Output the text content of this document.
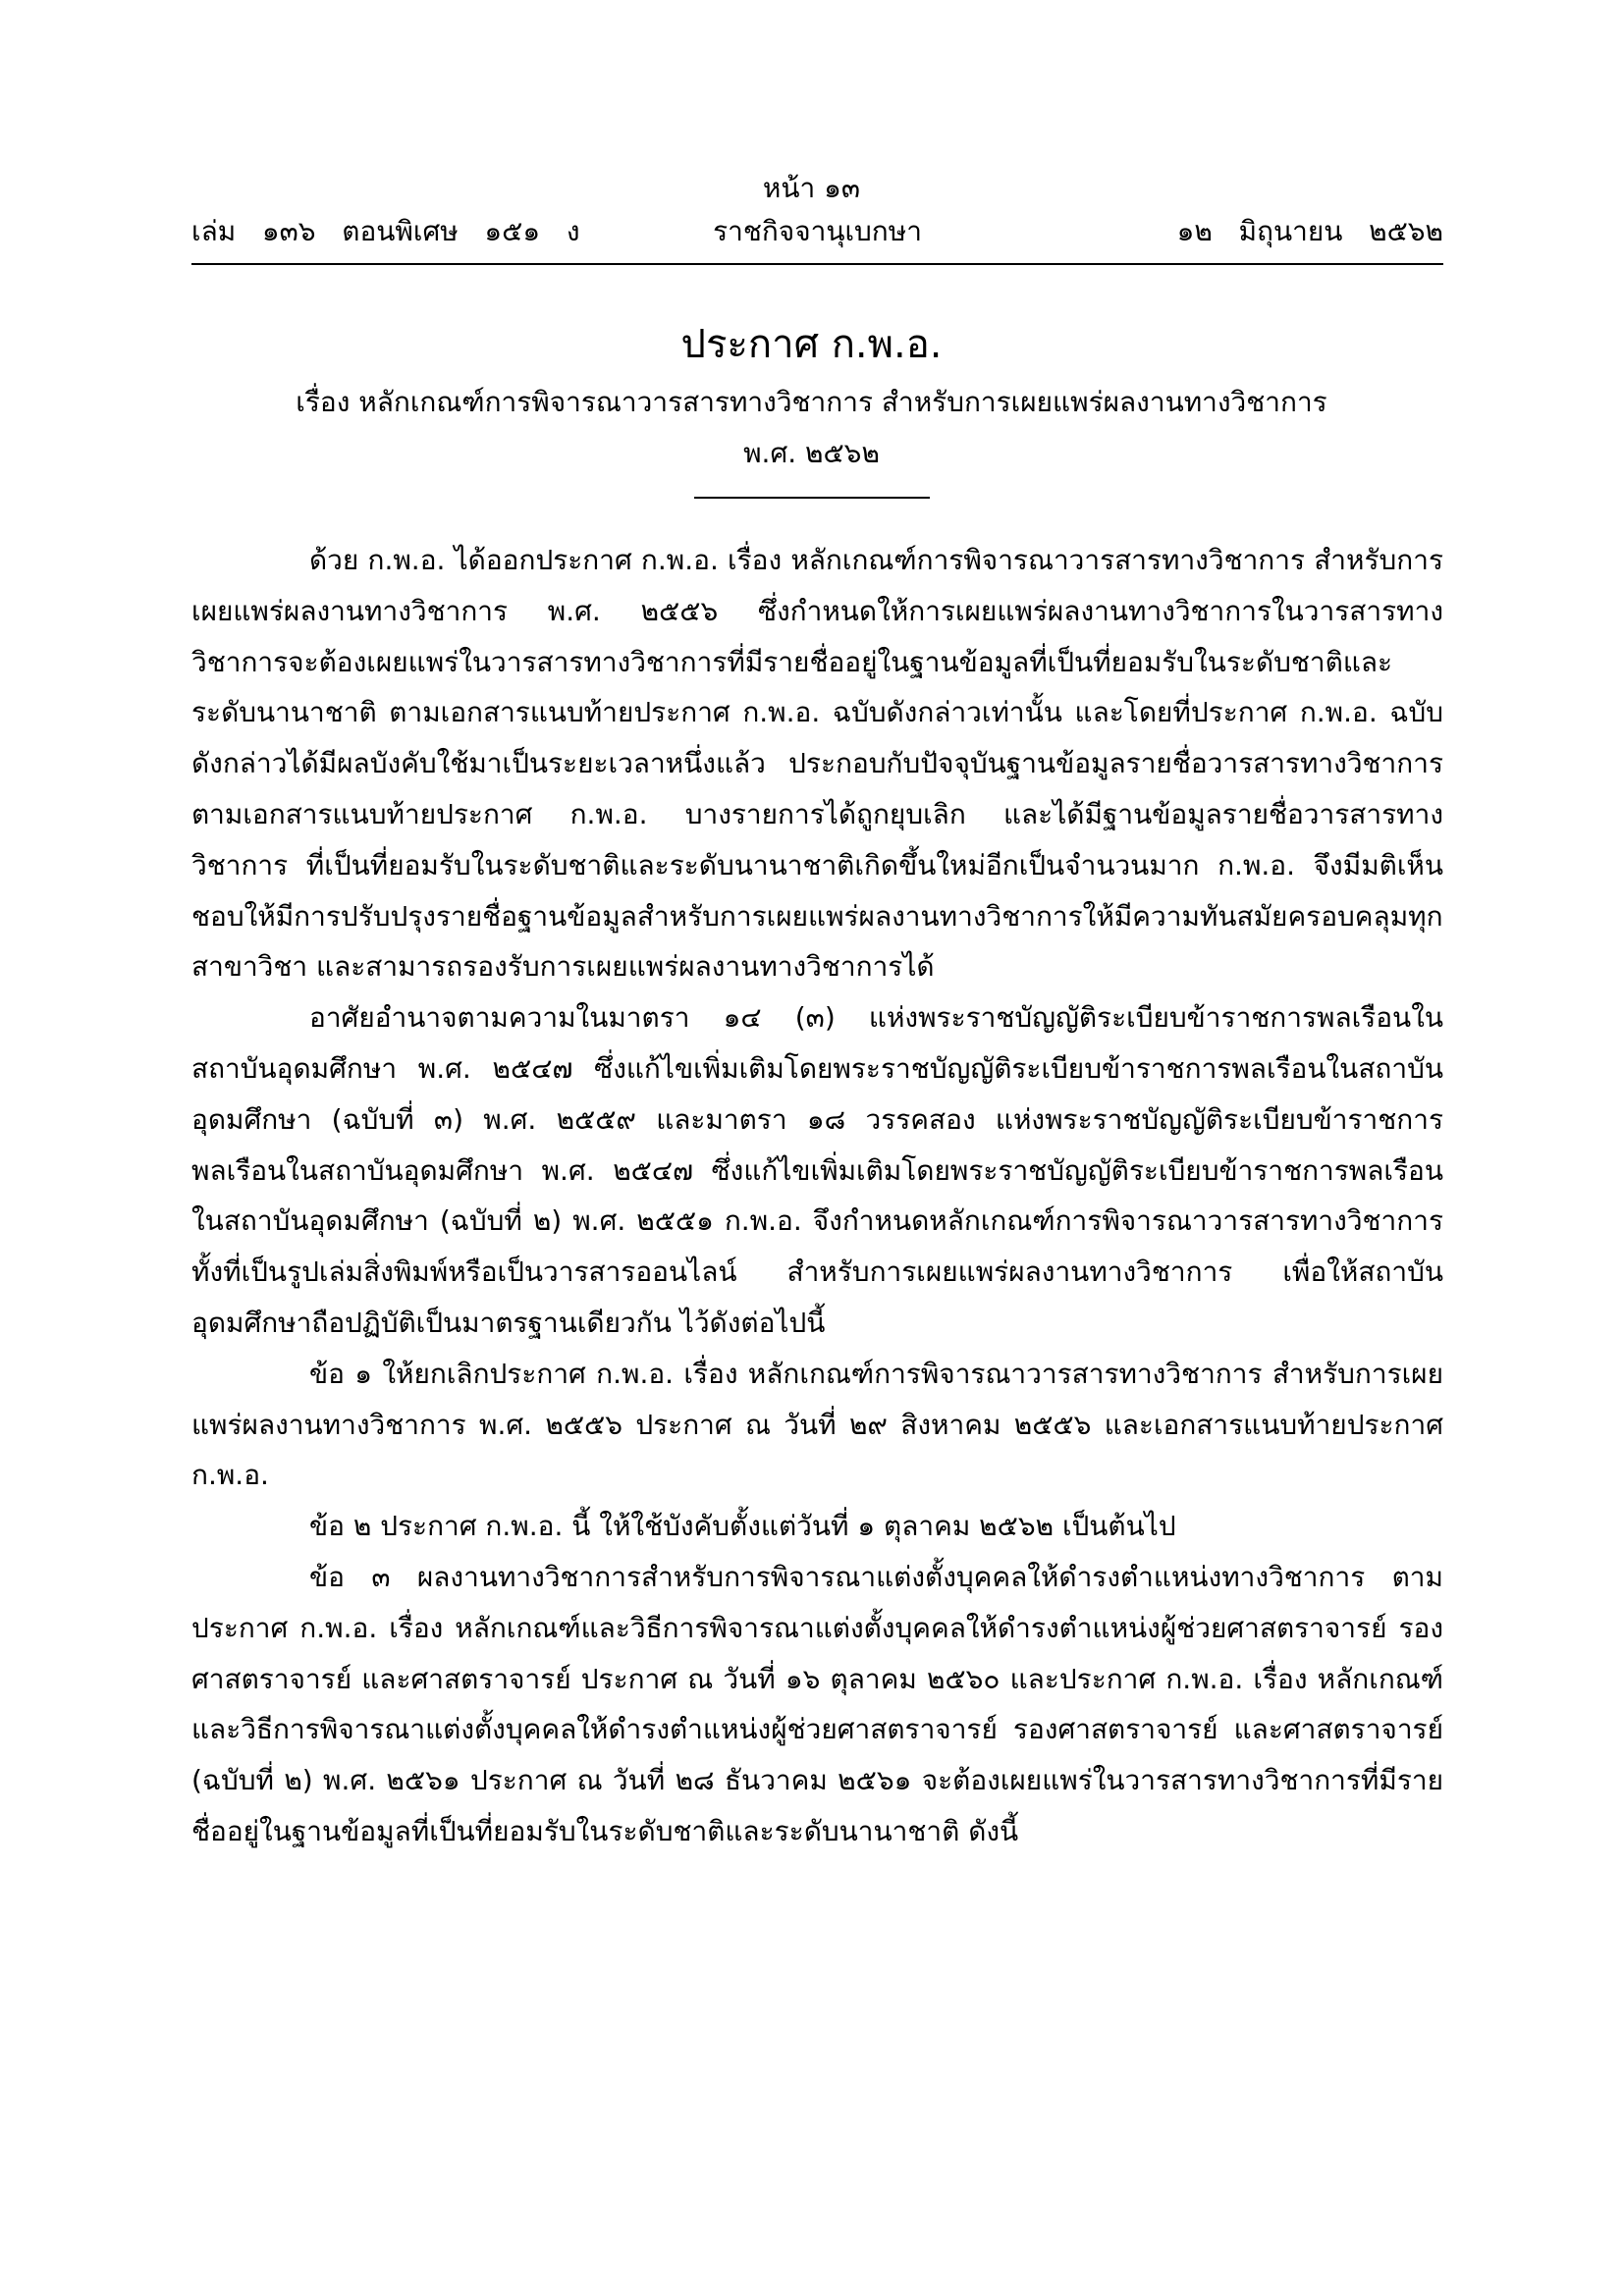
หน้า ๑๓
เล่ม   ๑๓๖   ตอนพิเศษ   ๑๕๑   ง	ราชกิจจานุเบกษา	๑๒   มิถุนายน   ๒๕๖๒
ประกาศ ก.พ.อ.
เรื่อง หลักเกณฑ์การพิจารณาวารสารทางวิชาการ สำหรับการเผยแพร่ผลงานทางวิชาการ
พ.ศ. ๒๕๖๒

ด้วย ก.พ.อ. ได้ออกประกาศ ก.พ.อ. เรื่อง หลักเกณฑ์การพิจารณาวารสารทางวิชาการ สำหรับการเผยแพร่ผลงานทางวิชาการ พ.ศ. ๒๕๕๖ ซึ่งกำหนดให้การเผยแพร่ผลงานทางวิชาการในวารสารทางวิชาการจะต้องเผยแพร่ในวารสารทางวิชาการที่มีรายชื่ออยู่ในฐานข้อมูลที่เป็นที่ยอมรับในระดับชาติและระดับนานาชาติ ตามเอกสารแนบท้ายประกาศ ก.พ.อ. ฉบับดังกล่าวเท่านั้น และโดยที่ประกาศ ก.พ.อ. ฉบับดังกล่าวได้มีผลบังคับใช้มาเป็นระยะเวลาหนึ่งแล้ว ประกอบกับปัจจุบันฐานข้อมูลรายชื่อวารสารทางวิชาการ ตามเอกสารแนบท้ายประกาศ ก.พ.อ. บางรายการได้ถูกยุบเลิก และได้มีฐานข้อมูลรายชื่อวารสารทางวิชาการ ที่เป็นที่ยอมรับในระดับชาติและระดับนานาชาติเกิดขึ้นใหม่อีกเป็นจำนวนมาก ก.พ.อ. จึงมีมติเห็นชอบให้มีการปรับปรุงรายชื่อฐานข้อมูลสำหรับการเผยแพร่ผลงานทางวิชาการให้มีความทันสมัยครอบคลุมทุกสาขาวิชา และสามารถรองรับการเผยแพร่ผลงานทางวิชาการได้

อาศัยอำนาจตามความในมาตรา ๑๔ (๓) แห่งพระราชบัญญัติระเบียบข้าราชการพลเรือนในสถาบันอุดมศึกษา พ.ศ. ๒๕๔๗ ซึ่งแก้ไขเพิ่มเติมโดยพระราชบัญญัติระเบียบข้าราชการพลเรือนในสถาบันอุดมศึกษา (ฉบับที่ ๓) พ.ศ. ๒๕๕๙ และมาตรา ๑๘ วรรคสอง แห่งพระราชบัญญัติระเบียบข้าราชการพลเรือนในสถาบันอุดมศึกษา พ.ศ. ๒๕๔๗ ซึ่งแก้ไขเพิ่มเติมโดยพระราชบัญญัติระเบียบข้าราชการพลเรือนในสถาบันอุดมศึกษา (ฉบับที่ ๒) พ.ศ. ๒๕๕๑ ก.พ.อ. จึงกำหนดหลักเกณฑ์การพิจารณาวารสารทางวิชาการ ทั้งที่เป็นรูปเล่มสิ่งพิมพ์หรือเป็นวารสารออนไลน์ สำหรับการเผยแพร่ผลงานทางวิชาการ เพื่อให้สถาบันอุดมศึกษาถือปฏิบัติเป็นมาตรฐานเดียวกัน ไว้ดังต่อไปนี้

ข้อ ๑ ให้ยกเลิกประกาศ ก.พ.อ. เรื่อง หลักเกณฑ์การพิจารณาวารสารทางวิชาการ สำหรับการเผยแพร่ผลงานทางวิชาการ พ.ศ. ๒๕๕๖ ประกาศ ณ วันที่ ๒๙ สิงหาคม ๒๕๕๖ และเอกสารแนบท้ายประกาศ ก.พ.อ.

ข้อ ๒ ประกาศ ก.พ.อ. นี้ ให้ใช้บังคับตั้งแต่วันที่ ๑ ตุลาคม ๒๕๖๒ เป็นต้นไป

ข้อ ๓ ผลงานทางวิชาการสำหรับการพิจารณาแต่งตั้งบุคคลให้ดำรงตำแหน่งทางวิชาการ ตามประกาศ ก.พ.อ. เรื่อง หลักเกณฑ์และวิธีการพิจารณาแต่งตั้งบุคคลให้ดำรงตำแหน่งผู้ช่วยศาสตราจารย์ รองศาสตราจารย์ และศาสตราจารย์ ประกาศ ณ วันที่ ๑๖ ตุลาคม ๒๕๖๐ และประกาศ ก.พ.อ. เรื่อง หลักเกณฑ์ และวิธีการพิจารณาแต่งตั้งบุคคลให้ดำรงตำแหน่งผู้ช่วยศาสตราจารย์ รองศาสตราจารย์ และศาสตราจารย์ (ฉบับที่ ๒) พ.ศ. ๒๕๖๑ ประกาศ ณ วันที่ ๒๘ ธันวาคม ๒๕๖๑ จะต้องเผยแพร่ในวารสารทางวิชาการที่มีรายชื่ออยู่ในฐานข้อมูลที่เป็นที่ยอมรับในระดับชาติและระดับนานาชาติ ดังนี้
